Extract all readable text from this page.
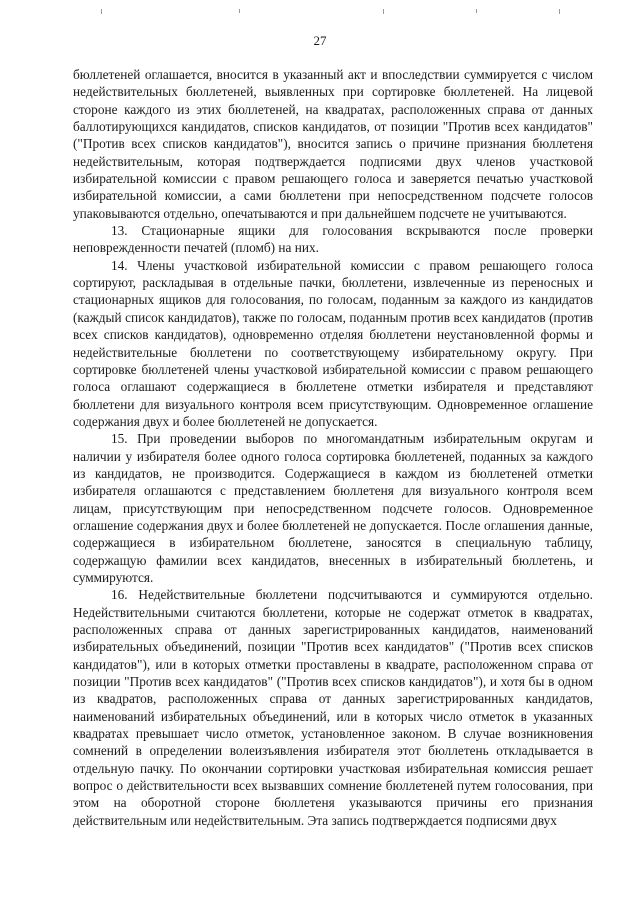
27

бюллетеней оглашается, вносится в указанный акт и впоследствии суммируется с числом недействительных бюллетеней, выявленных при сортировке бюллетеней. На лицевой стороне каждого из этих бюллетеней, на квадратах, расположенных справа от данных баллотирующихся кандидатов, списков кандидатов, от позиции "Против всех кандидатов" ("Против всех списков кандидатов"), вносится запись о причине признания бюллетеня недействительным, которая подтверждается подписями двух членов участковой избирательной комиссии с правом решающего голоса и заверяется печатью участковой избирательной комиссии, а сами бюллетени при непосредственном подсчете голосов упаковываются отдельно, опечатываются и при дальнейшем подсчете не учитываются.

13. Стационарные ящики для голосования вскрываются после проверки неповрежденности печатей (пломб) на них.

14. Члены участковой избирательной комиссии с правом решающего голоса сортируют, раскладывая в отдельные пачки, бюллетени, извлеченные из переносных и стационарных ящиков для голосования, по голосам, поданным за каждого из кандидатов (каждый список кандидатов), также по голосам, поданным против всех кандидатов (против всех списков кандидатов), одновременно отделяя бюллетени неустановленной формы и недействительные бюллетени по соответствующему избирательному округу. При сортировке бюллетеней члены участковой избирательной комиссии с правом решающего голоса оглашают содержащиеся в бюллетене отметки избирателя и представляют бюллетени для визуального контроля всем присутствующим. Одновременное оглашение содержания двух и более бюллетеней не допускается.

15. При проведении выборов по многомандатным избирательным округам и наличии у избирателя более одного голоса сортировка бюллетеней, поданных за каждого из кандидатов, не производится. Содержащиеся в каждом из бюллетеней отметки избирателя оглашаются с представлением бюллетеня для визуального контроля всем лицам, присутствующим при непосредственном подсчете голосов. Одновременное оглашение содержания двух и более бюллетеней не допускается. После оглашения данные, содержащиеся в избирательном бюллетене, заносятся в специальную таблицу, содержащую фамилии всех кандидатов, внесенных в избирательный бюллетень, и суммируются.

16. Недействительные бюллетени подсчитываются и суммируются отдельно. Недействительными считаются бюллетени, которые не содержат отметок в квадратах, расположенных справа от данных зарегистрированных кандидатов, наименований избирательных объединений, позиции "Против всех кандидатов" ("Против всех списков кандидатов"), или в которых отметки проставлены в квадрате, расположенном справа от позиции "Против всех кандидатов" ("Против всех списков кандидатов"), и хотя бы в одном из квадратов, расположенных справа от данных зарегистрированных кандидатов, наименований избирательных объединений, или в которых число отметок в указанных квадратах превышает число отметок, установленное законом. В случае возникновения сомнений в определении волеизъявления избирателя этот бюллетень откладывается в отдельную пачку. По окончании сортировки участковая избирательная комиссия решает вопрос о действительности всех вызвавших сомнение бюллетеней путем голосования, при этом на оборотной стороне бюллетеня указываются причины его признания действительным или недействительным. Эта запись подтверждается подписями двух
